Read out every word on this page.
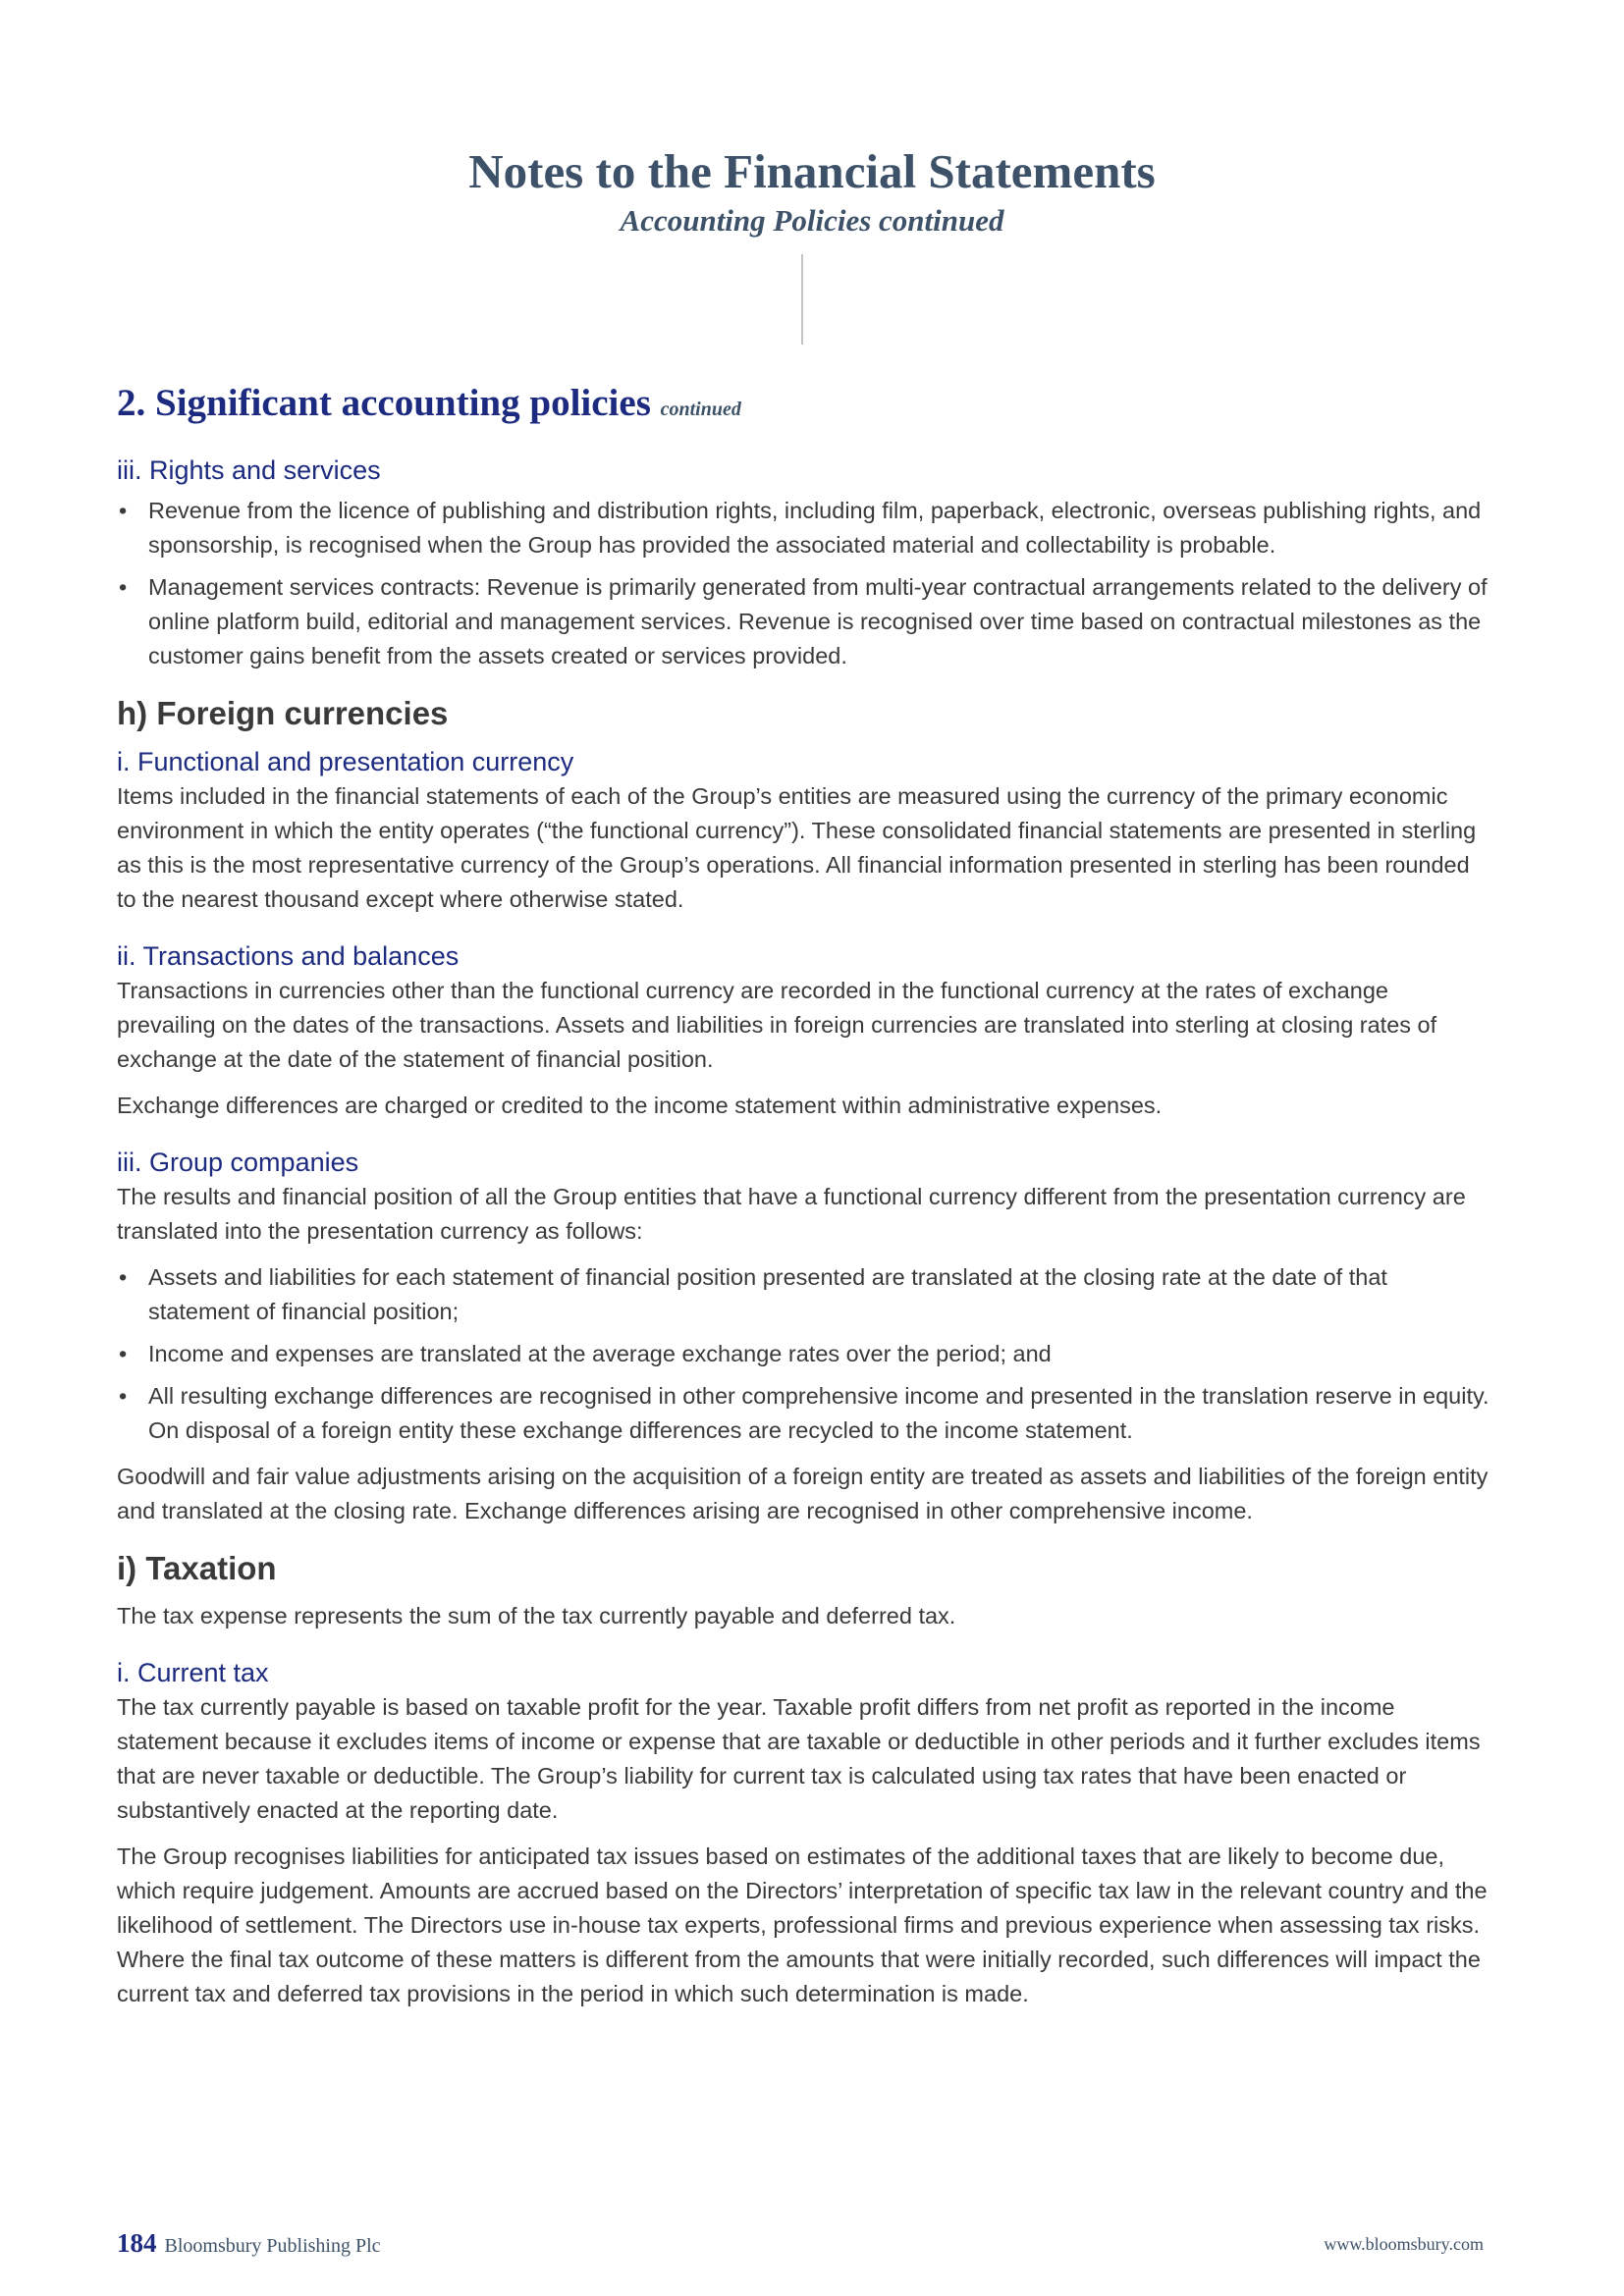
Notes to the Financial Statements
Accounting Policies continued
2. Significant accounting policies continued
iii. Rights and services
• Revenue from the licence of publishing and distribution rights, including film, paperback, electronic, overseas publishing rights, and sponsorship, is recognised when the Group has provided the associated material and collectability is probable.
• Management services contracts: Revenue is primarily generated from multi-year contractual arrangements related to the delivery of online platform build, editorial and management services. Revenue is recognised over time based on contractual milestones as the customer gains benefit from the assets created or services provided.
h) Foreign currencies
i. Functional and presentation currency

Items included in the financial statements of each of the Group’s entities are measured using the currency of the primary economic environment in which the entity operates (“the functional currency”). These consolidated financial statements are presented in sterling as this is the most representative currency of the Group’s operations. All financial information presented in sterling has been rounded to the nearest thousand except where otherwise stated.

ii. Transactions and balances

Transactions in currencies other than the functional currency are recorded in the functional currency at the rates of exchange prevailing on the dates of the transactions. Assets and liabilities in foreign currencies are translated into sterling at closing rates of exchange at the date of the statement of financial position.

Exchange differences are charged or credited to the income statement within administrative expenses.

iii. Group companies

The results and financial position of all the Group entities that have a functional currency different from the presentation currency are translated into the presentation currency as follows:

• Assets and liabilities for each statement of financial position presented are translated at the closing rate at the date of that statement of financial position;
• Income and expenses are translated at the average exchange rates over the period; and
• All resulting exchange differences are recognised in other comprehensive income and presented in the translation reserve in equity. On disposal of a foreign entity these exchange differences are recycled to the income statement.

Goodwill and fair value adjustments arising on the acquisition of a foreign entity are treated as assets and liabilities of the foreign entity and translated at the closing rate. Exchange differences arising are recognised in other comprehensive income.

i) Taxation

The tax expense represents the sum of the tax currently payable and deferred tax.

i. Current tax

The tax currently payable is based on taxable profit for the year. Taxable profit differs from net profit as reported in the income statement because it excludes items of income or expense that are taxable or deductible in other periods and it further excludes items that are never taxable or deductible. The Group’s liability for current tax is calculated using tax rates that have been enacted or substantively enacted at the reporting date.

The Group recognises liabilities for anticipated tax issues based on estimates of the additional taxes that are likely to become due, which require judgement. Amounts are accrued based on the Directors’ interpretation of specific tax law in the relevant country and the likelihood of settlement. The Directors use in-house tax experts, professional firms and previous experience when assessing tax risks. Where the final tax outcome of these matters is different from the amounts that were initially recorded, such differences will impact the current tax and deferred tax provisions in the period in which such determination is made.

184 Bloomsbury Publishing Plc	www.bloomsbury.com
